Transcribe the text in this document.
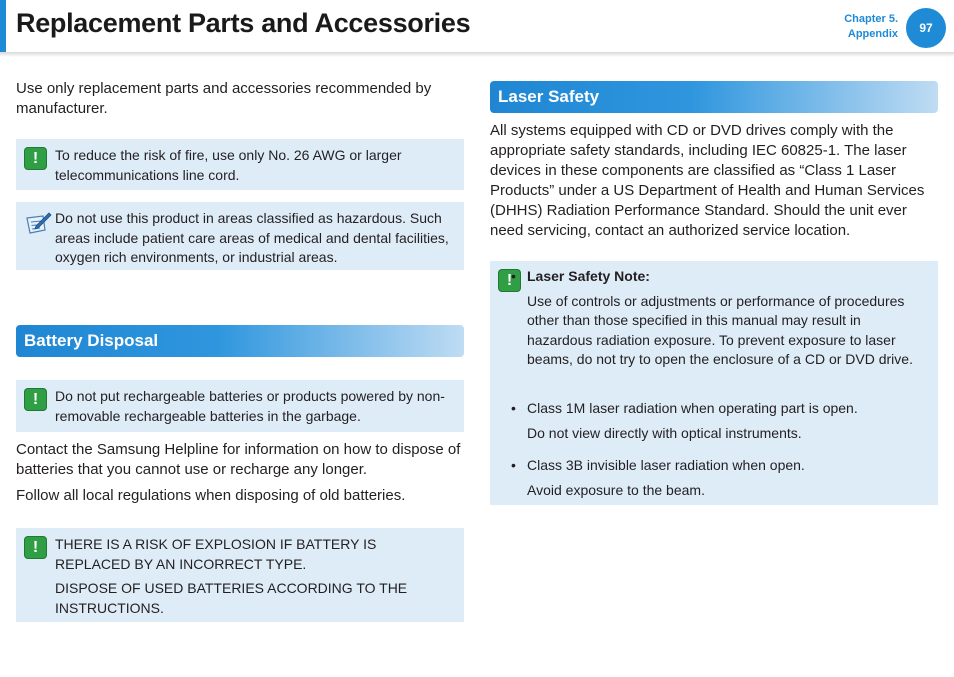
Replacement Parts and Accessories	Chapter 5.
Appendix	97
Use only replacement parts and accessories recommended by manufacturer.
!	To reduce the risk of fire, use only No. 26 AWG or larger telecommunications line cord.

Do not use this product in areas classified as hazardous. Such areas include patient care areas of medical and dental facilities, oxygen rich environments, or industrial areas.

Battery Disposal
!	Do not put rechargeable batteries or products powered by non-removable rechargeable batteries in the garbage.

Contact the Samsung Helpline for information on how to dispose of batteries that you cannot use or recharge any longer.
Follow all local regulations when disposing of old batteries.
!	THERE IS A RISK OF EXPLOSION IF BATTERY IS REPLACED BY AN INCORRECT TYPE.

DISPOSE OF USED BATTERIES ACCORDING TO THE INSTRUCTIONS.

Laser Safety
All systems equipped with CD or DVD drives comply with the appropriate safety standards, including IEC 60825-1. The laser devices in these components are classified as “Class 1 Laser Products” under a US Department of Health and Human Services (DHHS) Radiation Performance Standard. Should the unit ever need servicing, contact an authorized service location.
!
• Laser Safety Note:
Use of controls or adjustments or performance of procedures other than those specified in this manual may result in hazardous radiation exposure. To prevent exposure to laser beams, do not try to open the enclosure of a CD or DVD drive.
• Class 1M laser radiation when operating part is open.
Do not view directly with optical instruments.
• Class 3B invisible laser radiation when open.
Avoid exposure to the beam.
